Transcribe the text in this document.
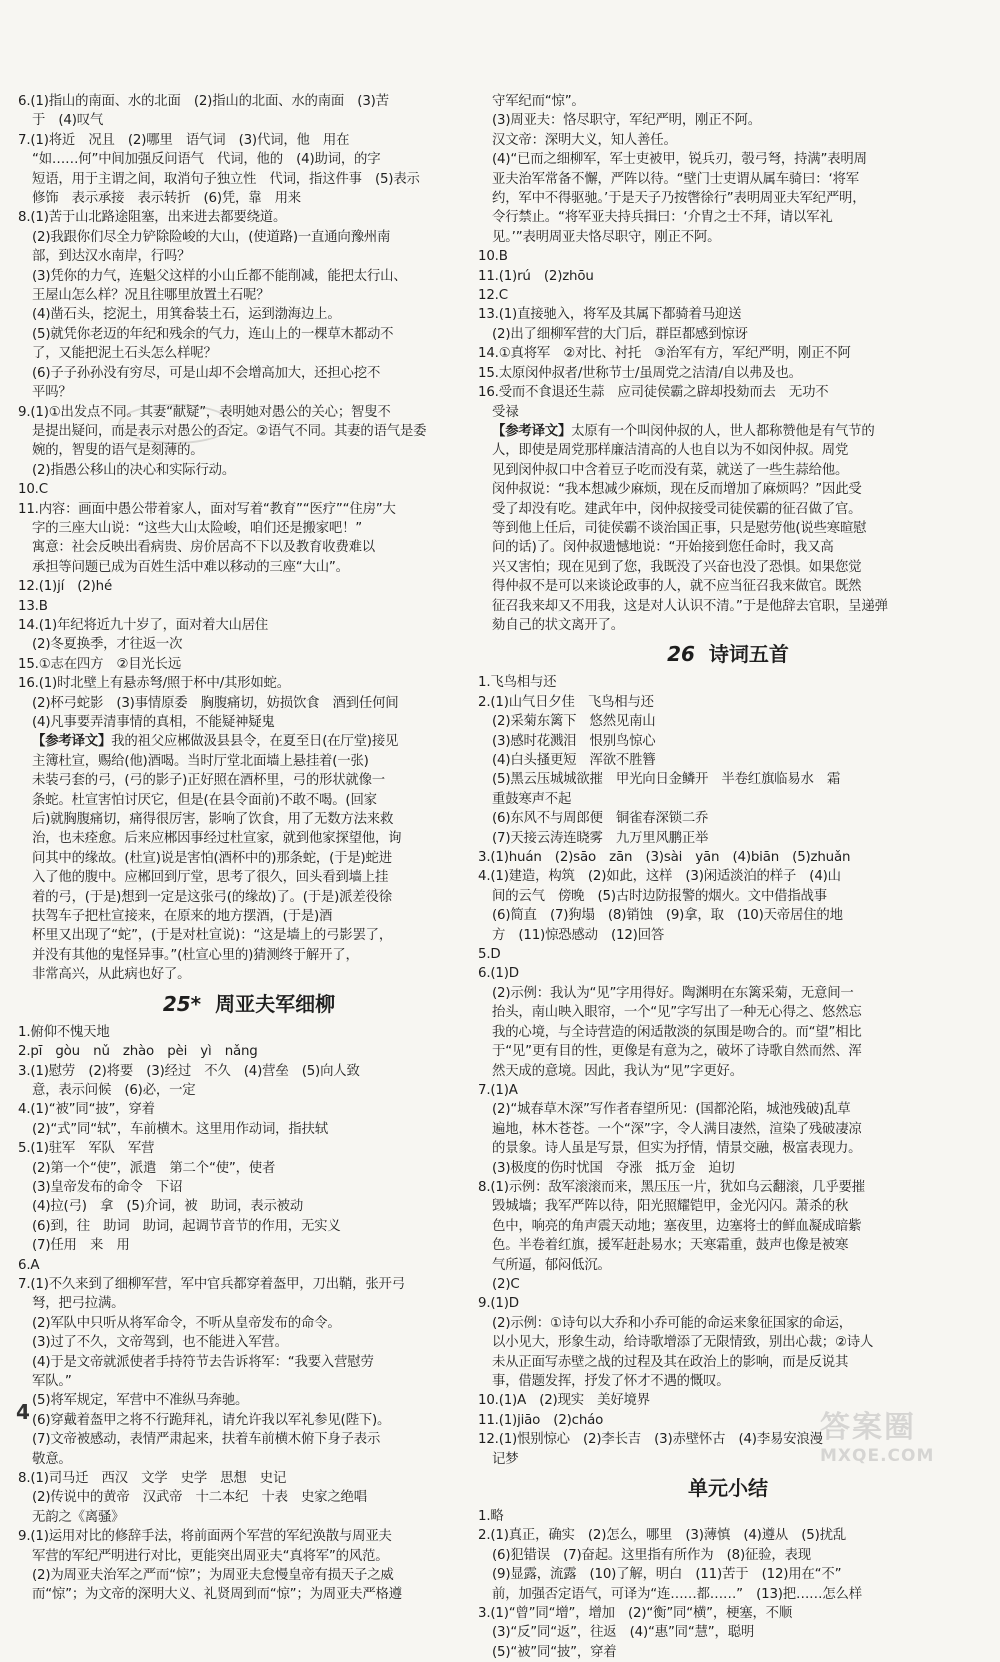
6.(1)指山的南面、水的北面　(2)指山的北面、水的南面　(3)苦
于　(4)叹气
7.(1)将近　况且　(2)哪里　语气词　(3)代词，他　用在
“如……何”中间加强反问语气　代词，他的　(4)助词，的字
短语，用于主谓之间，取消句子独立性　代词，指这件事　(5)表示
修饰　表示承接　表示转折　(6)凭，靠　用来
8.(1)苦于山北路途阻塞，出来进去都要绕道。
(2)我跟你们尽全力铲除险峻的大山，(使道路)一直通向豫州南
部，到达汉水南岸，行吗？
(3)凭你的力气，连魁父这样的小山丘都不能削减，能把太行山、
王屋山怎么样？况且往哪里放置土石呢？
(4)凿石头，挖泥土，用箕畚装土石，运到渤海边上。
(5)就凭你老迈的年纪和残余的气力，连山上的一棵草木都动不
了，又能把泥土石头怎么样呢？
(6)子子孙孙没有穷尽，可是山却不会增高加大，还担心挖不
平吗？
9.(1)①出发点不同。其妻“献疑”，表明她对愚公的关心；智叟不
是提出疑问，而是表示对愚公的否定。②语气不同。其妻的语气是委
婉的，智叟的语气是刻薄的。
(2)指愚公移山的决心和实际行动。
10.C
11.内容：画面中愚公带着家人，面对写着“教育”“医疗”“住房”大
字的三座大山说：“这些大山太险峻，咱们还是搬家吧！”
寓意：社会反映出看病贵、房价居高不下以及教育收费难以
承担等问题已成为百姓生活中难以移动的三座“大山”。
12.(1)jí　(2)hé
13.B
14.(1)年纪将近九十岁了，面对着大山居住
(2)冬夏换季，才往返一次
15.①志在四方　②目光长远
16.(1)时北壁上有悬赤弩/照于杯中/其形如蛇。
(2)杯弓蛇影　(3)事情原委　胸腹痛切，妨损饮食　酒到任何间
(4)凡事要弄清事情的真相，不能疑神疑鬼
【参考译文】我的祖父应郴做汲县县令，在夏至日(在厅堂)接见
主簿杜宣，赐给(他)酒喝。当时厅堂北面墙上悬挂着(一张)
未装弓套的弓，(弓的影子)正好照在酒杯里，弓的形状就像一
条蛇。杜宣害怕讨厌它，但是(在县令面前)不敢不喝。(回家
后)就胸腹痛切，痛得很厉害，影响了饮食，用了无数方法来救
治，也未痊愈。后来应郴因事经过杜宣家，就到他家探望他，询
问其中的缘故。(杜宣)说是害怕(酒杯中的)那条蛇，(于是)蛇进
入了他的腹中。应郴回到厅堂，思考了很久，回头看到墙上挂
着的弓，(于是)想到一定是这张弓(的缘故)了。(于是)派差役徐
扶驾车子把杜宣接来，在原来的地方摆酒，(于是)酒
杯里又出现了“蛇”，(于是对杜宣说)：“这是墙上的弓影罢了，
并没有其他的鬼怪异事。”(杜宣心里的)猜测终于解开了，
非常高兴，从此病也好了。
25* 周亚夫军细柳
1.俯仰不愧天地
2.pī　gòu　nǔ　zhào　pèi　yì　nǎng
3.(1)慰劳　(2)将要　(3)经过　不久　(4)营垒　(5)向人致
意，表示问候　(6)必，一定
4.(1)“被”同“披”，穿着
(2)“式”同“轼”，车前横木。这里用作动词，指扶轼
5.(1)驻军　军队　军营
(2)第一个“使”，派遣　第二个“使”，使者
(3)皇帝发布的命令　下诏
(4)拉(弓)　拿　(5)介词，被　助词，表示被动
(6)到，往　助词　助词，起调节音节的作用，无实义
(7)任用　来　用
6.A
7.(1)不久来到了细柳军营，军中官兵都穿着盔甲，刀出鞘，张开弓
弩，把弓拉满。
(2)军队中只听从将军命令，不听从皇帝发布的命令。
(3)过了不久，文帝驾到，也不能进入军营。
(4)于是文帝就派使者手持符节去告诉将军：“我要入营慰劳
军队。”
(5)将军规定，军营中不准纵马奔驰。
(6)穿戴着盔甲之将不行跪拜礼，请允许我以军礼参见(陛下)。
(7)文帝被感动，表情严肃起来，扶着车前横木俯下身子表示
敬意。
8.(1)司马迁　西汉　文学　史学　思想　史记
(2)传说中的黄帝　汉武帝　十二本纪　十表　史家之绝唱
无韵之《离骚》
9.(1)运用对比的修辞手法，将前面两个军营的军纪涣散与周亚夫
军营的军纪严明进行对比，更能突出周亚夫“真将军”的风范。
(2)为周亚夫治军之严而“惊”；为周亚夫怠慢皇帝有损天子之威
而“惊”；为文帝的深明大义、礼贤周到而“惊”；为周亚夫严格遵
守军纪而“惊”。
(3)周亚夫：恪尽职守，军纪严明，刚正不阿。
汉文帝：深明大义，知人善任。
(4)“已而之细柳军，军士吏被甲，锐兵刃，彀弓弩，持满”表明周
亚夫治军常备不懈，严阵以待。“壁门士吏谓从属车骑曰：‘将军
约，军中不得驱驰。’于是天子乃按辔徐行”表明周亚夫军纪严明，
令行禁止。“将军亚夫持兵揖曰：‘介胄之士不拜，请以军礼
见。’”表明周亚夫恪尽职守，刚正不阿。
10.B
11.(1)rú　(2)zhōu
12.C
13.(1)直接驰入，将军及其属下都骑着马迎送
(2)出了细柳军营的大门后，群臣都感到惊讶
14.①真将军　②对比、衬托　③治军有方，军纪严明，刚正不阿
15.太原闵仲叔者/世称节士/虽周党之洁清/自以弗及也。
16.受而不食退还生蒜　应司徒侯霸之辟却投劾而去　无功不
受禄
【参考译文】太原有一个叫闵仲叔的人，世人都称赞他是有气节的
人，即使是周党那样廉洁清高的人也自以为不如闵仲叔。周党
见到闵仲叔口中含着豆子吃而没有菜，就送了一些生蒜给他。
闵仲叔说：“我本想减少麻烦，现在反而增加了麻烦吗？”因此受
受了却没有吃。建武年中，闵仲叔接受司徒侯霸的征召做了官。
等到他上任后，司徒侯霸不谈治国正事，只是慰劳他(说些寒暄慰
问的话)了。闵仲叔遗憾地说：“开始接到您任命时，我又高
兴又害怕；现在见到了您，我既没了兴奋也没了恐惧。如果您觉
得仲叔不是可以来谈论政事的人，就不应当征召我来做官。既然
征召我来却又不用我，这是对人认识不清。”于是他辞去官职，呈递弹
劾自己的状文离开了。
26 诗词五首
1.飞鸟相与还
2.(1)山气日夕佳　飞鸟相与还
(2)采菊东篱下　悠然见南山
(3)感时花溅泪　恨别鸟惊心
(4)白头搔更短　浑欲不胜簪
(5)黑云压城城欲摧　甲光向日金鳞开　半卷红旗临易水　霜
重鼓寒声不起
(6)东风不与周郎便　铜雀春深锁二乔
(7)天接云涛连晓雾　九万里风鹏正举
3.(1)huán　(2)sāo　zān　(3)sài　yān　(4)biān　(5)zhuǎn
4.(1)建造，构筑　(2)如此，这样　(3)闲适淡泊的样子　(4)山
间的云气　傍晚　(5)古时边防报警的烟火。文中借指战事
(6)简直　(7)狗塌　(8)销蚀　(9)拿，取　(10)天帝居住的地
方　(11)惊恐感动　(12)回答
5.D
6.(1)D
(2)示例：我认为“见”字用得好。陶渊明在东篱采菊，无意间一
抬头，南山映入眼帘，一个“见”字写出了一种无心得之、悠然忘
我的心境，与全诗营造的闲适散淡的氛围是吻合的。而“望”相比
于“见”更有目的性，更像是有意为之，破坏了诗歌自然而然、浑
然天成的意境。因此，我认为“见”字更好。
7.(1)A
(2)“城春草木深”写作者春望所见：(国都沦陷，城池残破)乱草
遍地，林木苍苍。一个“深”字，令人满目凄然，渲染了残破凄凉
的景象。诗人虽是写景，但实为抒情，情景交融，极富表现力。
(3)极度的伤时忧国　夺涨　抵万金　迫切
8.(1)示例：敌军滚滚而来，黑压压一片，犹如乌云翻滚，几乎要摧
毁城墙；我军严阵以待，阳光照耀铠甲，金光闪闪。萧杀的秋
色中，响亮的角声震天动地；塞夜里，边塞将士的鲜血凝成暗紫
色。半卷着红旗，援军赶赴易水；天寒霜重，鼓声也像是被寒
气所逼，郁闷低沉。
(2)C
9.(1)D
(2)示例：①诗句以大乔和小乔可能的命运来象征国家的命运，
以小见大，形象生动，给诗歌增添了无限情致，别出心裁；②诗人
未从正面写赤壁之战的过程及其在政治上的影响，而是反说其
事，借题发挥，抒发了怀才不遇的慨叹。
10.(1)A　(2)现实　美好境界
11.(1)jiāo　(2)cháo
12.(1)恨别惊心　(2)李长吉　(3)赤壁怀古　(4)李易安浪漫
记梦
单元小结
1.略
2.(1)真正，确实　(2)怎么，哪里　(3)薄慎　(4)遵从　(5)扰乱
(6)犯错误　(7)奋起。这里指有所作为　(8)征验，表现
(9)显露，流露　(10)了解，明白　(11)苦于　(12)用在“不”
前，加强否定语气，可译为“连……都……”　(13)把……怎么样
3.(1)“曾”同“增”，增加　(2)“衡”同“横”，梗塞，不顺
(3)“反”同“返”，往返　(4)“惠”同“慧”，聪明
(5)“被”同“披”，穿着
4	答案圈
MXQE.COM
